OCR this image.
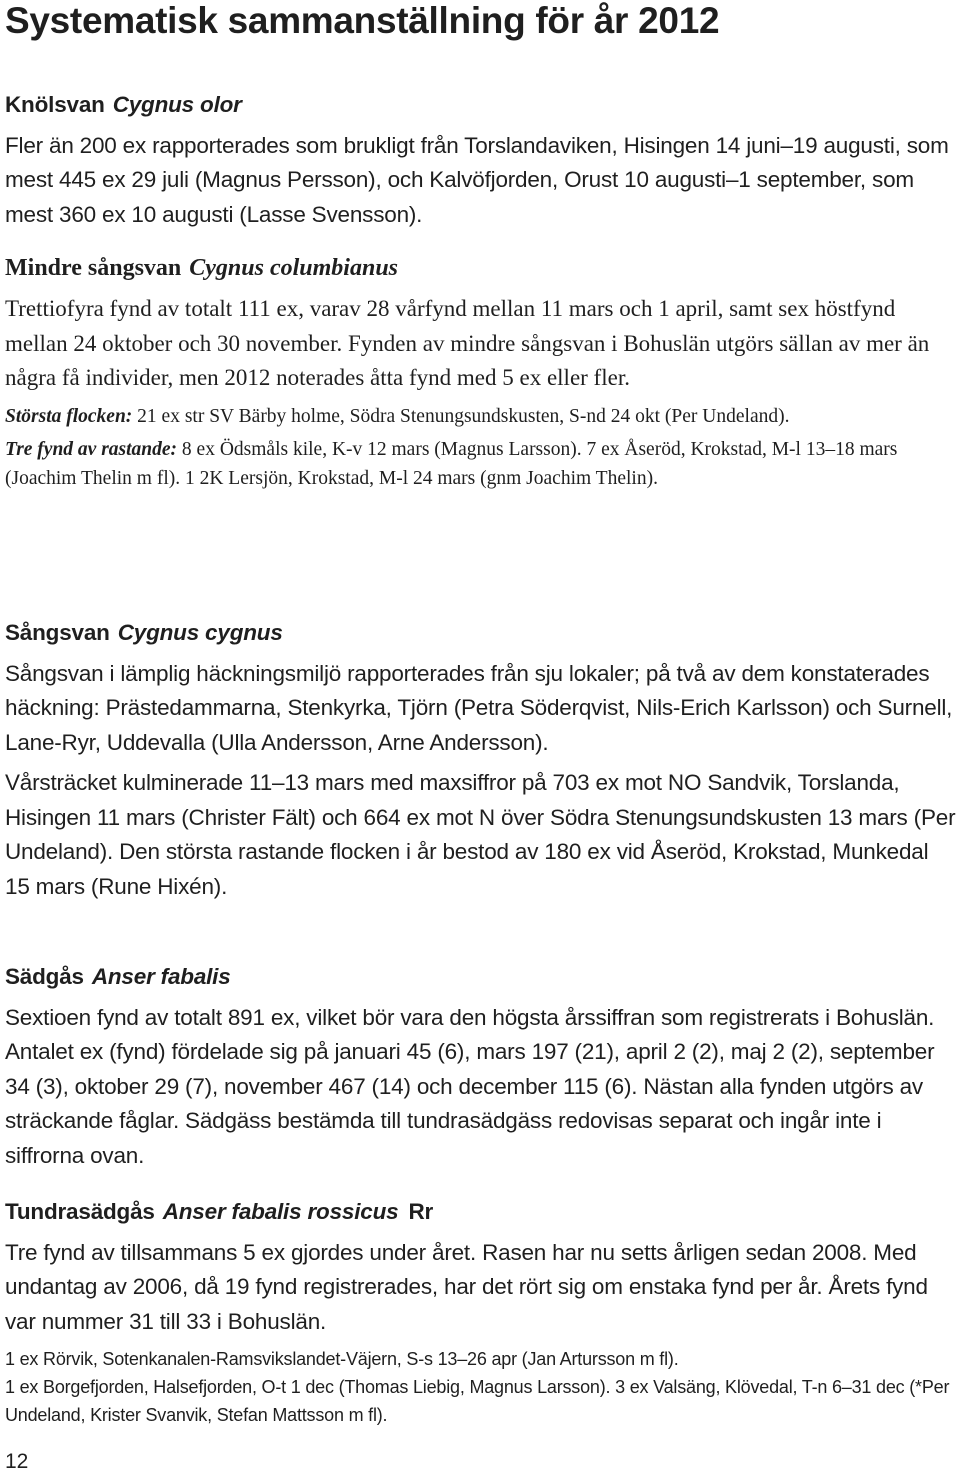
Systematisk sammanställning för år 2012
Knölsvan Cygnus olor

Fler än 200 ex rapporterades som brukligt från Torslandaviken, Hisingen 14 juni–19 augusti, som mest 445 ex 29 juli (Magnus Persson), och Kalvöfjorden, Orust 10 augusti–1 september, som mest 360 ex 10 augusti (Lasse Svensson).

Mindre sångsvan Cygnus columbianus

Trettiofyra fynd av totalt 111 ex, varav 28 vårfynd mellan 11 mars och 1 april, samt sex höstfynd mellan 24 oktober och 30 november. Fynden av mindre sångsvan i Bohuslän utgörs sällan av mer än några få individer, men 2012 noterades åtta fynd med 5 ex eller fler.

Största flocken: 21 ex str SV Bärby holme, Södra Stenungsundskusten, S-nd 24 okt (Per Undeland).

Tre fynd av rastande: 8 ex Ödsmåls kile, K-v 12 mars (Magnus Larsson). 7 ex Åseröd, Krokstad, M-l 13–18 mars (Joachim Thelin m fl). 1 2K Lersjön, Krokstad, M-l 24 mars (gnm Joachim Thelin).

Sångsvan Cygnus cygnus

Sångsvan i lämplig häckningsmiljö rapporterades från sju lokaler; på två av dem konstaterades häckning: Prästedammarna, Stenkyrka, Tjörn (Petra Söderqvist, Nils-Erich Karlsson) och Surnell, Lane-Ryr, Uddevalla (Ulla Andersson, Arne Andersson).

Vårsträcket kulminerade 11–13 mars med maxsiffror på 703 ex mot NO Sandvik, Torslanda, Hisingen 11 mars (Christer Fält) och 664 ex mot N över Södra Stenungsundskusten 13 mars (Per Undeland). Den största rastande flocken i år bestod av 180 ex vid Åseröd, Krokstad, Munkedal 15 mars (Rune Hixén).

Sädgås Anser fabalis

Sextioen fynd av totalt 891 ex, vilket bör vara den högsta årssiffran som registrerats i Bohuslän. Antalet ex (fynd) fördelade sig på januari 45 (6), mars 197 (21), april 2 (2), maj 2 (2), september 34 (3), oktober 29 (7), november 467 (14) och december 115 (6). Nästan alla fynden utgörs av sträckande fåglar. Sädgäss bestämda till tundrasädgäss redovisas separat och ingår inte i siffrorna ovan.

Tundrasädgås Anser fabalis rossicus Rr

Tre fynd av tillsammans 5 ex gjordes under året. Rasen har nu setts årligen sedan 2008. Med undantag av 2006, då 19 fynd registrerades, har det rört sig om enstaka fynd per år. Årets fynd var nummer 31 till 33 i Bohuslän.

1 ex Rörvik, Sotenkanalen-Ramsvikslandet-Väjern, S-s 13–26 apr (Jan Artursson m fl).

1 ex Borgefjorden, Halsefjorden, O-t 1 dec (Thomas Liebig, Magnus Larsson). 3 ex Valsäng, Klövedal, T-n 6–31 dec (*Per Undeland, Krister Svanvik, Stefan Mattsson m fl).

12
